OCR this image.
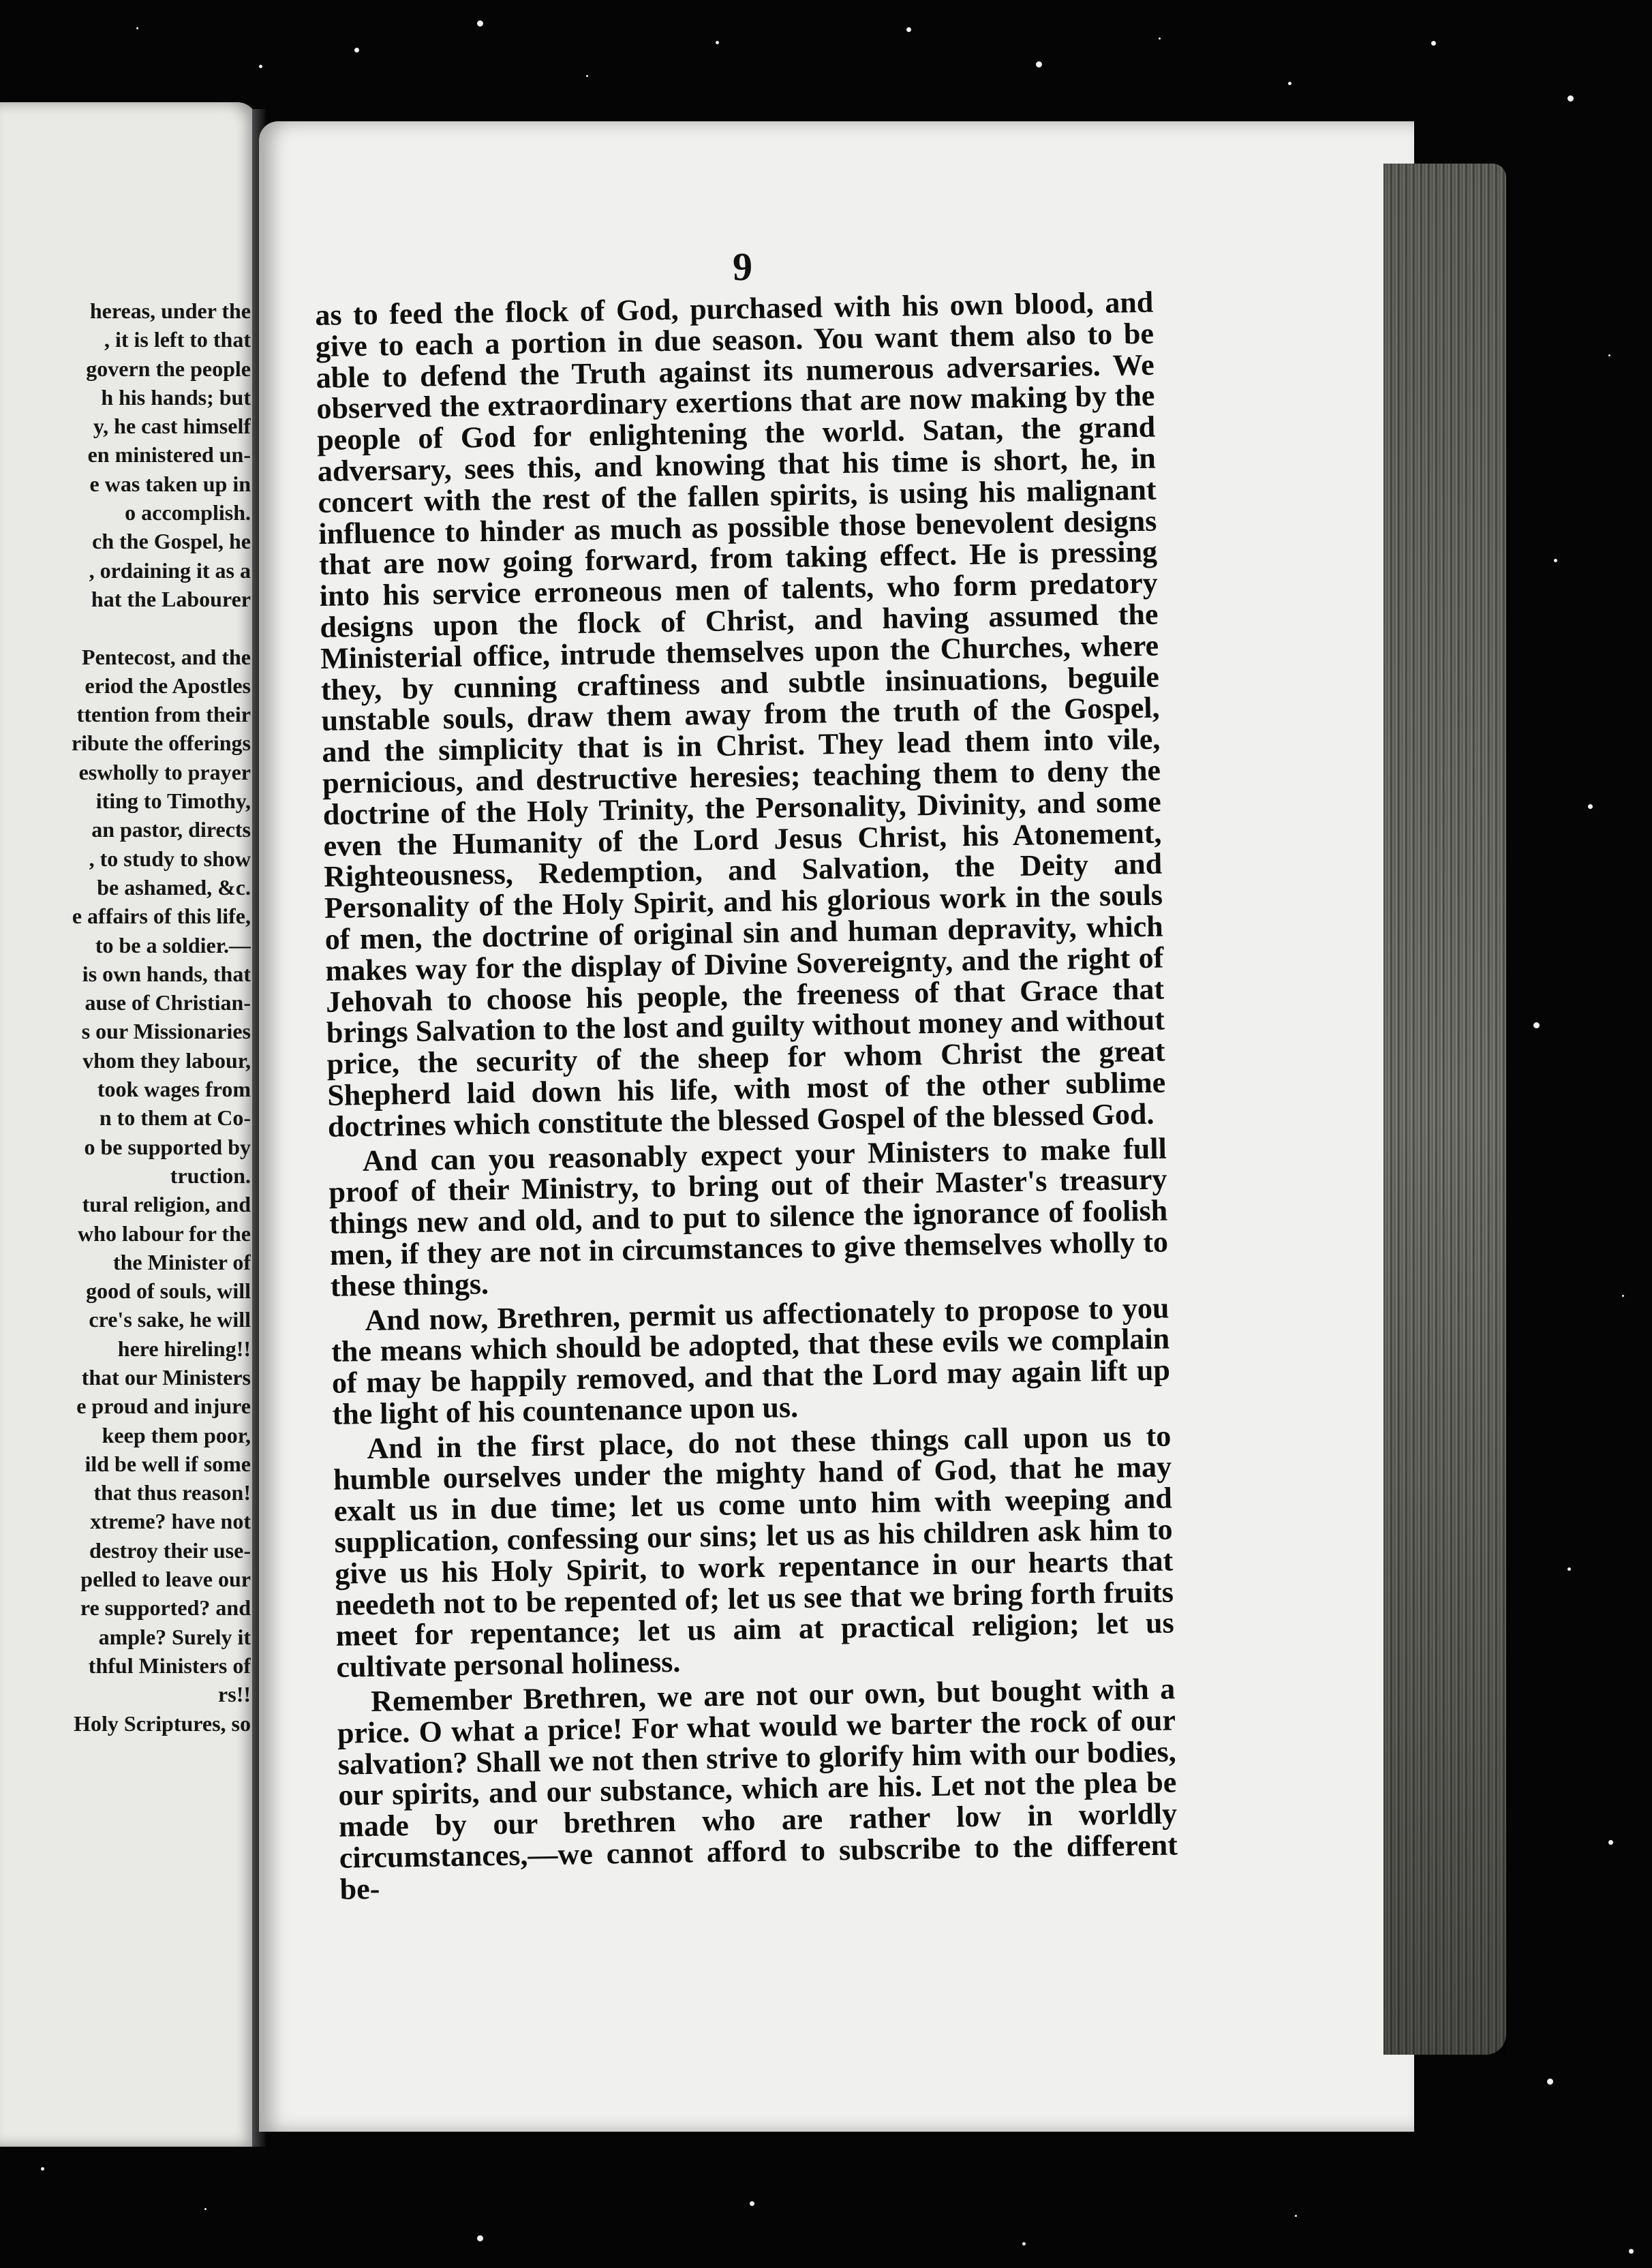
hereas, under the
, it is left to that
govern the people
h his hands; but
y, he cast himself
en ministered un-
e was taken up in
o accomplish.
ch the Gospel, he
, ordaining it as a
hat the Labourer

Pentecost, and the
eriod the Apostles
ttention from their
ribute the offerings
eswholly to prayer
iting to Timothy,
an pastor, directs
, to study to show
be ashamed, &c.
e affairs of this life,
to be a soldier.—
is own hands, that
ause of Christian-
s our Missionaries
vhom they labour,
took wages from
n to them at Co-
o be supported by
truction.
tural religion, and
who labour for the
the Minister of
good of souls, will
cre's sake, he will
here hireling!!
that our Ministers
e proud and injure
keep them poor,
ild be well if some
that thus reason!
xtreme? have not
destroy their use-
pelled to leave our
re supported? and
ample? Surely it
thful Ministers of
rs!!
Holy Scriptures, so
9

as to feed the flock of God, purchased with his own blood, and give to each a portion in due season. You want them also to be able to defend the Truth against its numerous adversaries. We observed the extraordinary exertions that are now making by the people of God for enlightening the world. Satan, the grand adversary, sees this, and knowing that his time is short, he, in concert with the rest of the fallen spirits, is using his malignant influence to hinder as much as possible those benevolent designs that are now going forward, from taking effect. He is pressing into his service erroneous men of talents, who form predatory designs upon the flock of Christ, and having assumed the Ministerial office, intrude themselves upon the Churches, where they, by cunning craftiness and subtle insinuations, beguile unstable souls, draw them away from the truth of the Gospel, and the simplicity that is in Christ. They lead them into vile, pernicious, and destructive heresies; teaching them to deny the doctrine of the Holy Trinity, the Personality, Divinity, and some even the Humanity of the Lord Jesus Christ, his Atonement, Righteousness, Redemption, and Salvation, the Deity and Personality of the Holy Spirit, and his glorious work in the souls of men, the doctrine of original sin and human depravity, which makes way for the display of Divine Sovereignty, and the right of Jehovah to choose his people, the freeness of that Grace that brings Salvation to the lost and guilty without money and without price, the security of the sheep for whom Christ the great Shepherd laid down his life, with most of the other sublime doctrines which constitute the blessed Gospel of the blessed God.

And can you reasonably expect your Ministers to make full proof of their Ministry, to bring out of their Master's treasury things new and old, and to put to silence the ignorance of foolish men, if they are not in circumstances to give themselves wholly to these things.

And now, Brethren, permit us affectionately to propose to you the means which should be adopted, that these evils we complain of may be happily removed, and that the Lord may again lift up the light of his countenance upon us.

And in the first place, do not these things call upon us to humble ourselves under the mighty hand of God, that he may exalt us in due time; let us come unto him with weeping and supplication, confessing our sins; let us as his children ask him to give us his Holy Spirit, to work repentance in our hearts that needeth not to be repented of; let us see that we bring forth fruits meet for repentance; let us aim at practical religion; let us cultivate personal holiness.

Remember Brethren, we are not our own, but bought with a price. O what a price! For what would we barter the rock of our salvation? Shall we not then strive to glorify him with our bodies, our spirits, and our substance, which are his. Let not the plea be made by our brethren who are rather low in worldly circumstances,—we cannot afford to subscribe to the different be-
